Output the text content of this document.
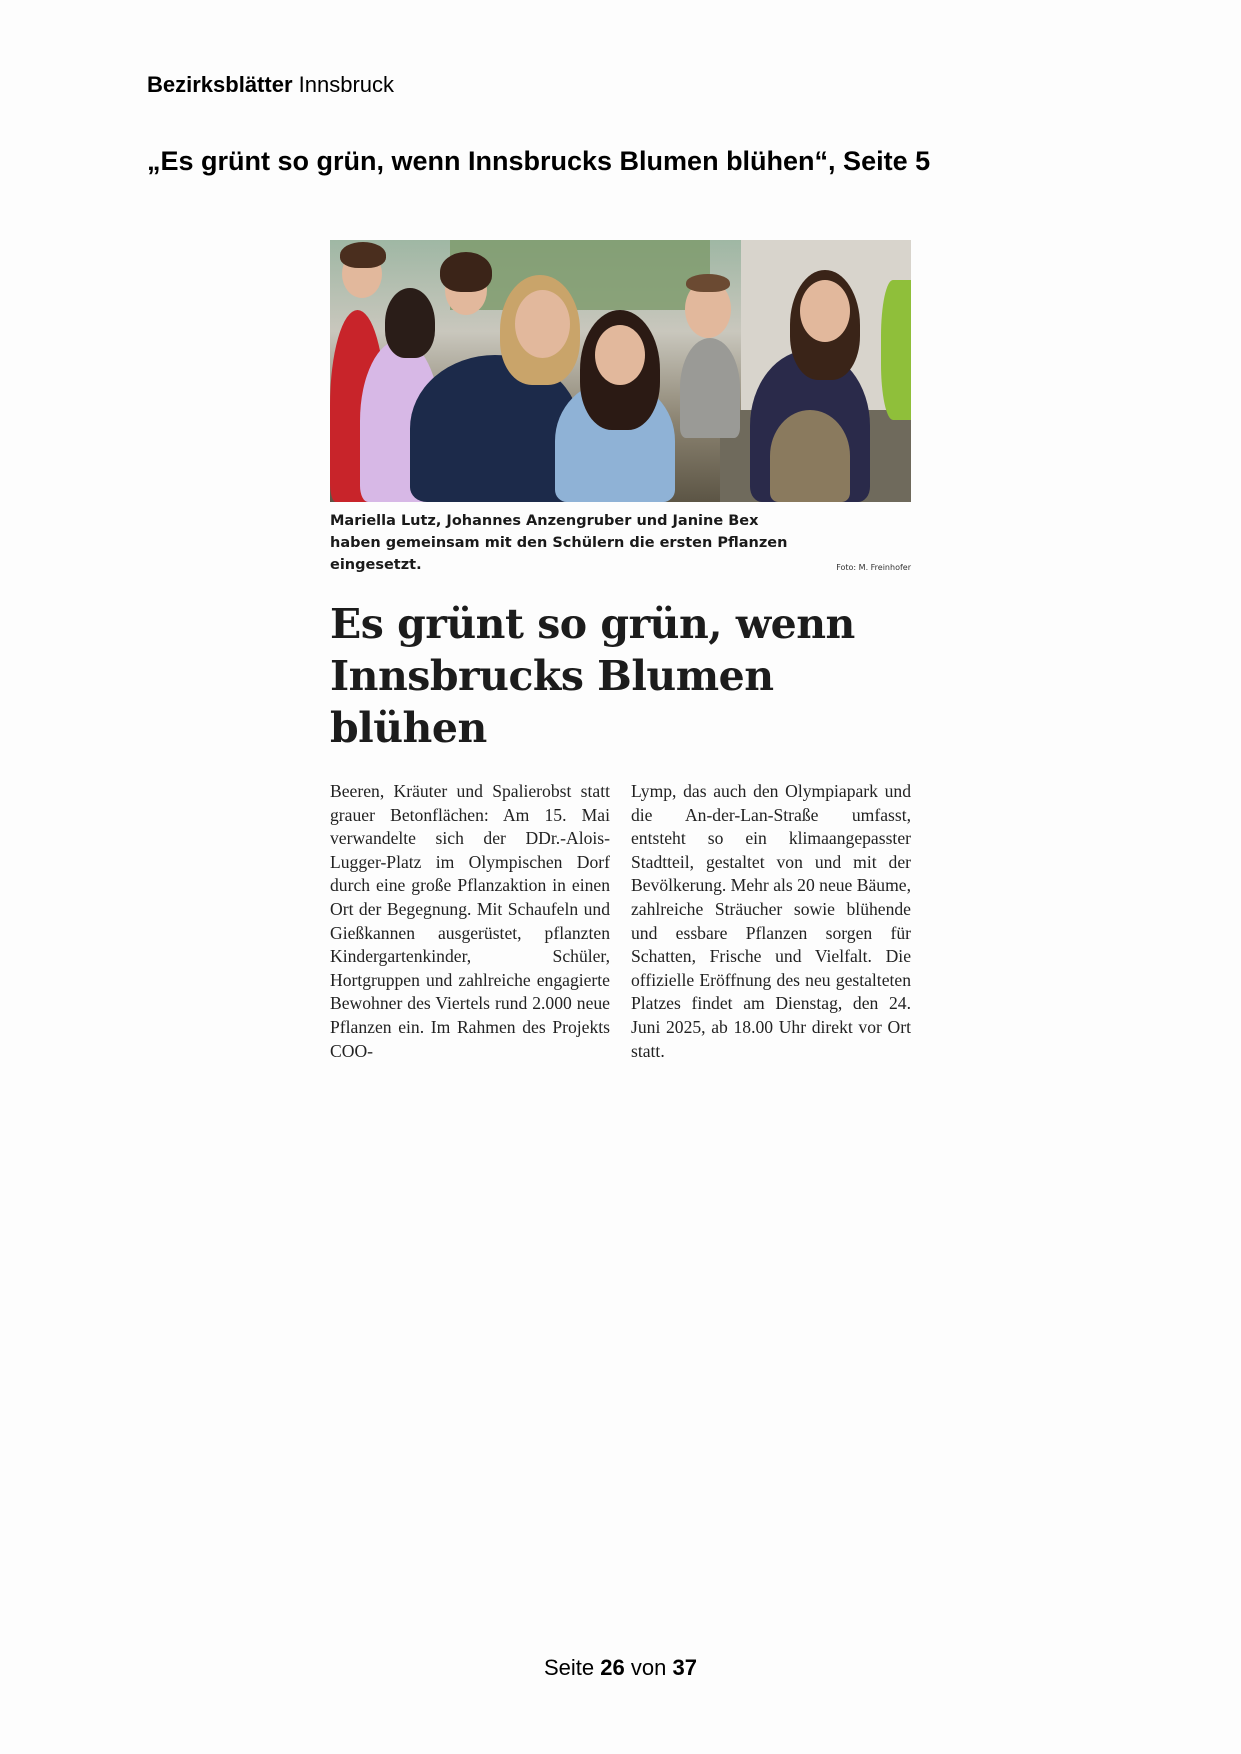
Bezirksblätter Innsbruck
„Es grünt so grün, wenn Innsbrucks Blumen blühen“, Seite 5
Mariella Lutz, Johannes Anzengruber und Janine Bex haben gemeinsam mit den Schülern die ersten Pflanzen eingesetzt.	Foto: M. Freinhofer
Es grünt so grün, wenn Innsbrucks Blumen blühen

Beeren, Kräuter und Spalierobst statt grauer Betonflächen: Am 15. Mai verwandelte sich der DDr.-Alois-Lugger-Platz im Olympischen Dorf durch eine große Pflanzaktion in einen Ort der Begegnung. Mit Schaufeln und Gießkannen ausgerüstet, pflanzten Kindergartenkinder, Schüler, Hortgruppen und zahlreiche engagierte Bewohner des Viertels rund 2.000 neue Pflanzen ein. Im Rahmen des Projekts COO-

Lymp, das auch den Olympiapark und die An-der-Lan-Straße umfasst, entsteht so ein klimaangepasster Stadtteil, gestaltet von und mit der Bevölkerung. Mehr als 20 neue Bäume, zahlreiche Sträucher sowie blühende und essbare Pflanzen sorgen für Schatten, Frische und Vielfalt. Die offizielle Eröffnung des neu gestalteten Platzes findet am Dienstag, den 24. Juni 2025, ab 18.00 Uhr direkt vor Ort statt.

Seite 26 von 37
